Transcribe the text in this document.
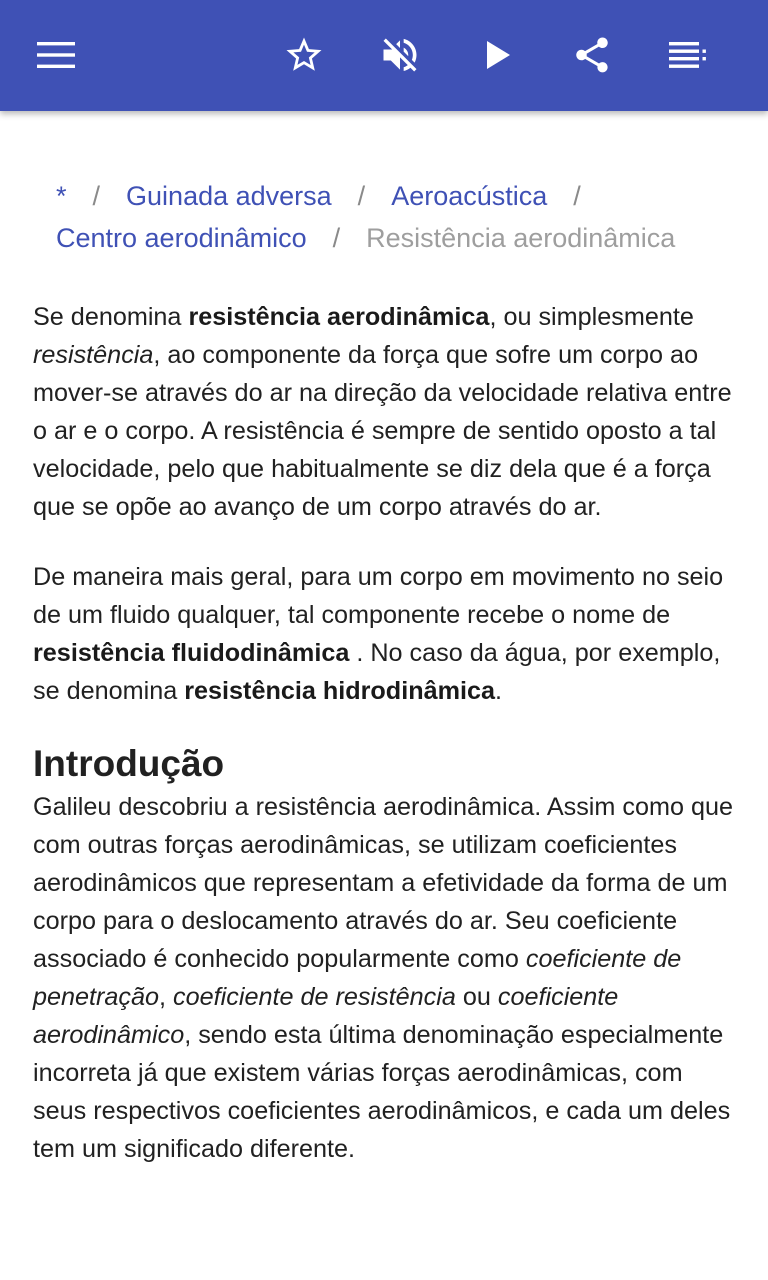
* / Guinada adversa / Aeroacústica /
Centro aerodinâmico / Resistência aerodinâmica

Se denomina resistência aerodinâmica, ou simplesmente resistência, ao componente da força que sofre um corpo ao mover-se através do ar na direção da velocidade relativa entre o ar e o corpo. A resistência é sempre de sentido oposto a tal velocidade, pelo que habitualmente se diz dela que é a força que se opõe ao avanço de um corpo através do ar.

De maneira mais geral, para um corpo em movimento no seio de um fluido qualquer, tal componente recebe o nome de resistência fluidodinâmica . No caso da água, por exemplo, se denomina resistência hidrodinâmica.

Introdução

Galileu descobriu a resistência aerodinâmica. Assim como que com outras forças aerodinâmicas, se utilizam coeficientes aerodinâmicos que representam a efetividade da forma de um corpo para o deslocamento através do ar. Seu coeficiente associado é conhecido popularmente como coeficiente de penetração, coeficiente de resistência ou coeficiente aerodinâmico, sendo esta última denominação especialmente incorreta já que existem várias forças aerodinâmicas, com seus respectivos coeficientes aerodinâmicos, e cada um deles tem um significado diferente.
